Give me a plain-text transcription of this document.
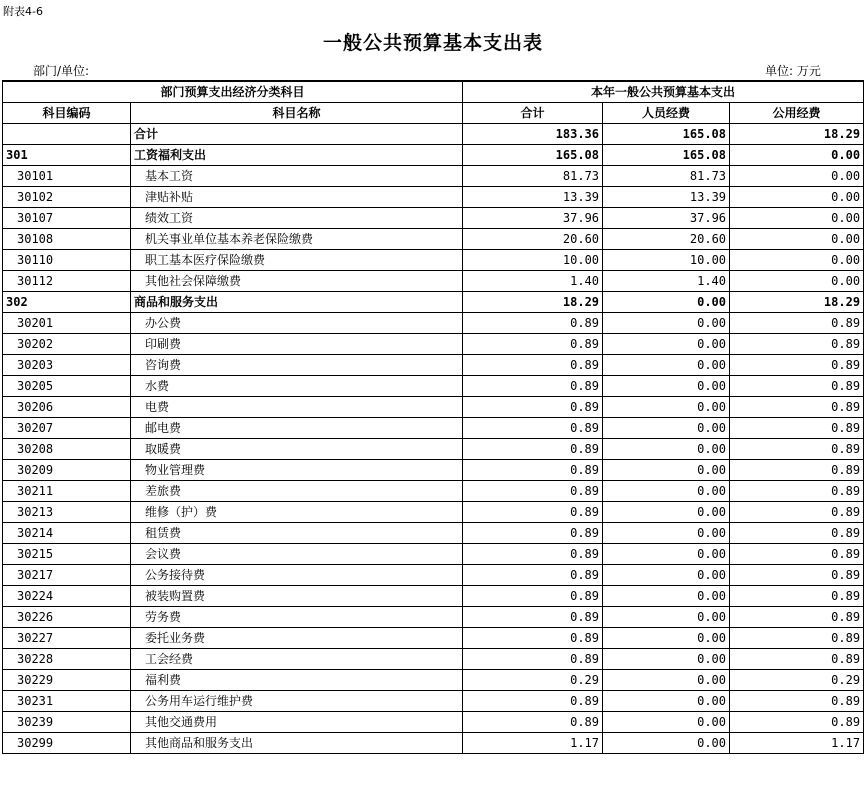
附表4-6
一般公共预算基本支出表
部门/单位:	单位: 万元
部门预算支出经济分类科目		本年一般公共预算基本支出		
科目编码	科目名称	合计	人员经费	公用经费
	合计	183.36	165.08	18.29
301	工资福利支出	165.08	165.08	0.00
30101	基本工资	81.73	81.73	0.00
30102	津贴补贴	13.39	13.39	0.00
30107	绩效工资	37.96	37.96	0.00
30108	机关事业单位基本养老保险缴费	20.60	20.60	0.00
30110	职工基本医疗保险缴费	10.00	10.00	0.00
30112	其他社会保障缴费	1.40	1.40	0.00
302	商品和服务支出	18.29	0.00	18.29
30201	办公费	0.89	0.00	0.89
30202	印刷费	0.89	0.00	0.89
30203	咨询费	0.89	0.00	0.89
30205	水费	0.89	0.00	0.89
30206	电费	0.89	0.00	0.89
30207	邮电费	0.89	0.00	0.89
30208	取暖费	0.89	0.00	0.89
30209	物业管理费	0.89	0.00	0.89
30211	差旅费	0.89	0.00	0.89
30213	维修（护）费	0.89	0.00	0.89
30214	租赁费	0.89	0.00	0.89
30215	会议费	0.89	0.00	0.89
30217	公务接待费	0.89	0.00	0.89
30224	被装购置费	0.89	0.00	0.89
30226	劳务费	0.89	0.00	0.89
30227	委托业务费	0.89	0.00	0.89
30228	工会经费	0.89	0.00	0.89
30229	福利费	0.29	0.00	0.29
30231	公务用车运行维护费	0.89	0.00	0.89
30239	其他交通费用	0.89	0.00	0.89
30299	其他商品和服务支出	1.17	0.00	1.17
